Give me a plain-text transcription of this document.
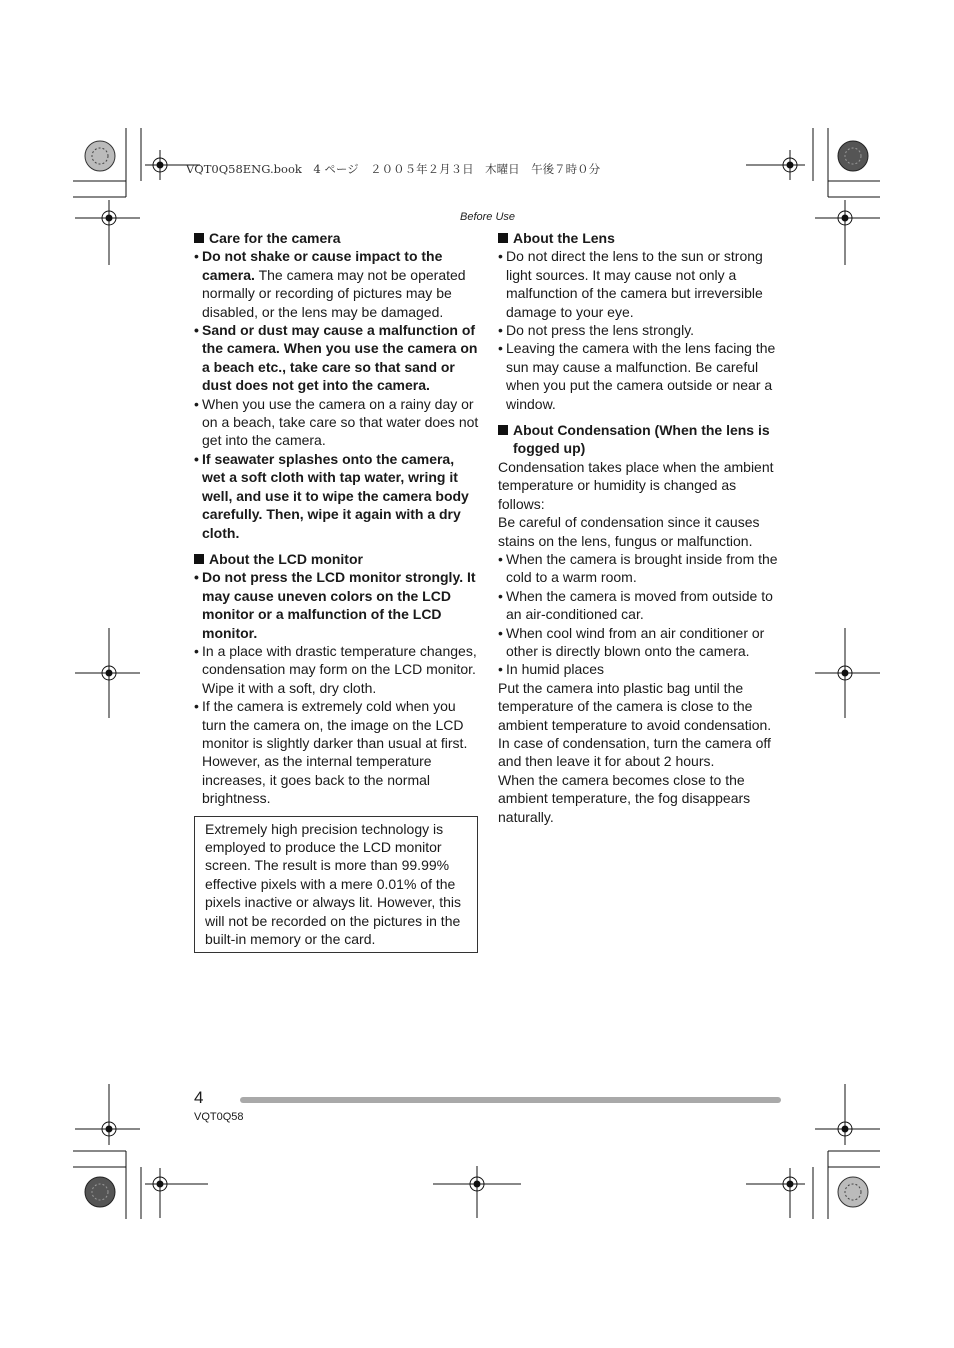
VQT0Q58ENG.book　4 ページ　２００５年２月３日　木曜日　午後７時０分
Before Use
Care for the camera
• Do not shake or cause impact to the camera. The camera may not be operated normally or recording of pictures may be disabled, or the lens may be damaged.
• Sand or dust may cause a malfunction of the camera. When you use the camera on a beach etc., take care so that sand or dust does not get into the camera.
• When you use the camera on a rainy day or on a beach, take care so that water does not get into the camera.
• If seawater splashes onto the camera, wet a soft cloth with tap water, wring it well, and use it to wipe the camera body carefully. Then, wipe it again with a dry cloth.
About the LCD monitor
• Do not press the LCD monitor strongly. It may cause uneven colors on the LCD monitor or a malfunction of the LCD monitor.
• In a place with drastic temperature changes, condensation may form on the LCD monitor. Wipe it with a soft, dry cloth.
• If the camera is extremely cold when you turn the camera on, the image on the LCD monitor is slightly darker than usual at first. However, as the internal temperature increases, it goes back to the normal brightness.
Extremely high precision technology is employed to produce the LCD monitor screen. The result is more than 99.99% effective pixels with a mere 0.01% of the pixels inactive or always lit. However, this will not be recorded on the pictures in the built-in memory or the card.
About the Lens
• Do not direct the lens to the sun or strong light sources. It may cause not only a malfunction of the camera but irreversible damage to your eye.
• Do not press the lens strongly.
• Leaving the camera with the lens facing the sun may cause a malfunction. Be careful when you put the camera outside or near a window.
About Condensation (When the lens is fogged up)

Condensation takes place when the ambient temperature or humidity is changed as follows:

Be careful of condensation since it causes stains on the lens, fungus or malfunction.

• When the camera is brought inside from the cold to a warm room.
• When the camera is moved from outside to an air-conditioned car.
• When cool wind from an air conditioner or other is directly blown onto the camera.
• In humid places

Put the camera into plastic bag until the temperature of the camera is close to the ambient temperature to avoid condensation. In case of condensation, turn the camera off and then leave it for about 2 hours.

When the camera becomes close to the ambient temperature, the fog disappears naturally.

4
VQT0Q58
